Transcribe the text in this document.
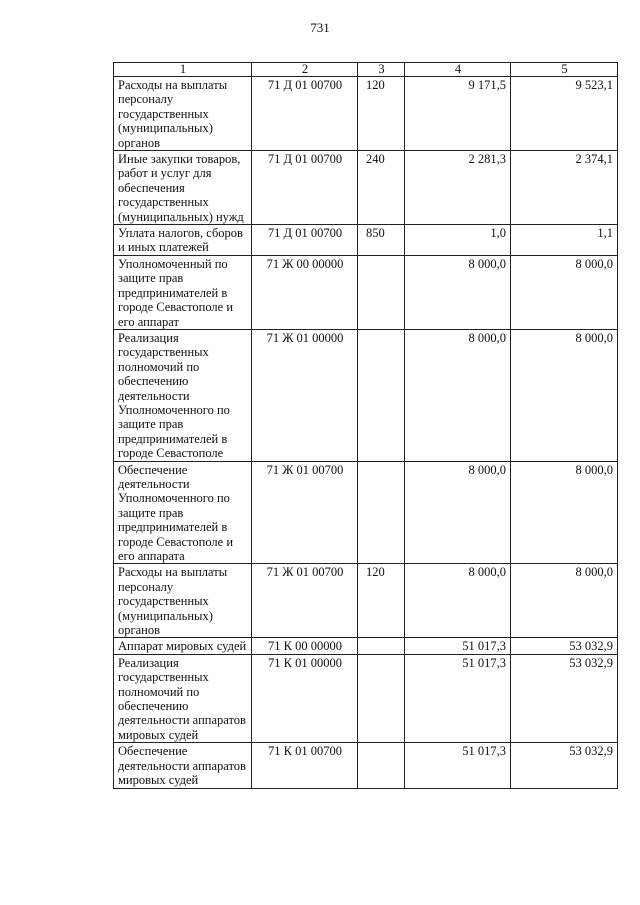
731
1	2	3	4	5
Расходы на выплаты персоналу государственных (муниципальных) органов	71 Д 01 00700	120	9 171,5	9 523,1
Иные закупки товаров, работ и услуг для обеспечения государственных (муниципальных) нужд	71 Д 01 00700	240	2 281,3	2 374,1
Уплата налогов, сборов и иных платежей	71 Д 01 00700	850	1,0	1,1
Уполномоченный по защите прав предпринимателей в городе Севастополе и его аппарат	71 Ж 00 00000		8 000,0	8 000,0
Реализация государственных полномочий по обеспечению деятельности Уполномоченного по защите прав предпринимателей в городе Севастополе	71 Ж 01 00000		8 000,0	8 000,0
Обеспечение деятельности Уполномоченного по защите прав предпринимателей в городе Севастополе и его аппарата	71 Ж 01 00700		8 000,0	8 000,0
Расходы на выплаты персоналу государственных (муниципальных) органов	71 Ж 01 00700	120	8 000,0	8 000,0
Аппарат мировых судей	71 К 00 00000		51 017,3	53 032,9
Реализация государственных полномочий по обеспечению деятельности аппаратов мировых судей	71 К 01 00000		51 017,3	53 032,9
Обеспечение деятельности аппаратов мировых судей	71 К 01 00700		51 017,3	53 032,9
